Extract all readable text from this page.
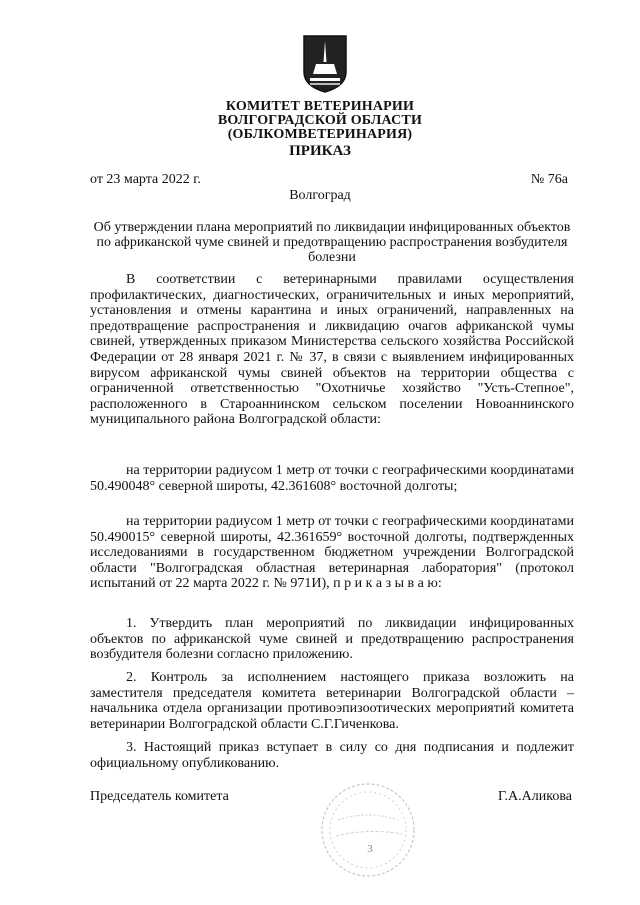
КОМИТЕТ ВЕТЕРИНАРИИ
ВОЛГОГРАДСКОЙ ОБЛАСТИ
(ОБЛКОМВЕТЕРИНАРИЯ)
ПРИКАЗ
от 23 марта 2022 г.	№ 76а
Волгоград
Об утверждении плана мероприятий по ликвидации инфицированных объектов по африканской чуме свиней и предотвращению распространения возбудителя болезни
В соответствии с ветеринарными правилами осуществления профилактических, диагностических, ограничительных и иных мероприятий, установления и отмены карантина и иных ограничений, направленных на предотвращение распространения и ликвидацию очагов африканской чумы свиней, утвержденных приказом Министерства сельского хозяйства Российской Федерации от 28 января 2021 г. № 37, в связи с выявлением инфицированных вирусом африканской чумы свиней объектов на территории общества с ограниченной ответственностью "Охотничье хозяйство "Усть-Степное", расположенного в Староаннинском сельском поселении Новоаннинского муниципального района Волгоградской области:
на территории радиусом 1 метр от точки с географическими координатами 50.490048° северной широты, 42.361608° восточной долготы;
на территории радиусом 1 метр от точки с географическими координатами 50.490015° северной широты, 42.361659° восточной долготы, подтвержденных исследованиями в государственном бюджетном учреждении Волгоградской области "Волгоградская областная ветеринарная лаборатория" (протокол испытаний от 22 марта 2022 г. № 971И), п р и к а з ы в а ю:
1. Утвердить план мероприятий по ликвидации инфицированных объектов по африканской чуме свиней и предотвращению распространения возбудителя болезни согласно приложению.
2. Контроль за исполнением настоящего приказа возложить на заместителя председателя комитета ветеринарии Волгоградской области – начальника отдела организации противоэпизоотических мероприятий комитета ветеринарии Волгоградской области С.Г.Гиченкова.
3. Настоящий приказ вступает в силу со дня подписания и подлежит официальному опубликованию.
Председатель комитета	Г.А.Аликова
3
